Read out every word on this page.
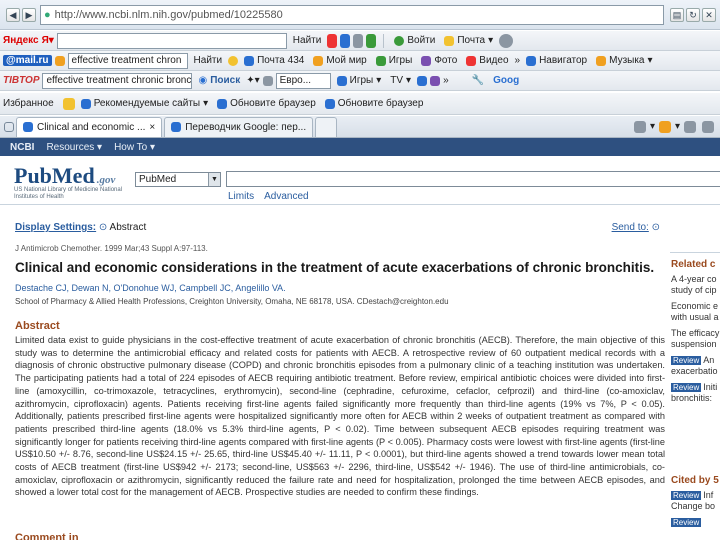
◀	▶	● http://www.ncbi.nlm.nih.gov/pubmed/10225580	▤ ↻ ✕
Яндекс Я▾	Найти	Войти Почта ▾
@mail.ru	effective treatment chron	Найти	Почта 434 Мой мир Игры Фото Видео » Навигатор Музыка ▾
TIBTOP effective treatment chronic bronc ◉ Поиск ✦▾ Евро...	Игры ▾ TV ▾	» 🔧 Goog
Избранное	Рекомендуемые сайты ▾	Обновите браузер Обновите браузер
Clinical and economic ... ×	Переводчик Google: пер...	▾ ▾
NCBI Resources ▾ How To ▾
PubMed .gov
US National Library of Medicine National Institutes of Health
PubMed	▼
Limits Advanced
Display Settings: ⊙ Abstract	Send to: ⊙
J Antimicrob Chemother. 1999 Mar;43 Suppl A:97-113.
Clinical and economic considerations in the treatment of acute exacerbations of chronic bronchitis.
Destache CJ, Dewan N, O'Donohue WJ, Campbell JC, Angelillo VA.
School of Pharmacy & Allied Health Professions, Creighton University, Omaha, NE 68178, USA. CDestach@creighton.edu
Abstract
Limited data exist to guide physicians in the cost-effective treatment of acute exacerbation of chronic bronchitis (AECB). Therefore, the main objective of this study was to determine the antimicrobial efficacy and related costs for patients with AECB. A retrospective review of 60 outpatient medical records with a diagnosis of chronic obstructive pulmonary disease (COPD) and chronic bronchitis episodes from a pulmonary clinic of a teaching institution was undertaken. The participating patients had a total of 224 episodes of AECB requiring antibiotic treatment. Before review, empirical antibiotic choices were divided into first-line (amoxycillin, co-trimoxazole, tetracyclines, erythromycin), second-line (cephradine, cefuroxime, cefaclor, cefprozil) and third-line (co-amoxiclav, azithromycin, ciprofloxacin) agents. Patients receiving first-line agents failed significantly more frequently than third-line agents (19% vs 7%, P < 0.05). Additionally, patients prescribed first-line agents were hospitalized significantly more often for AECB within 2 weeks of outpatient treatment as compared with patients prescribed third-line agents (18.0% vs 5.3% third-line agents, P < 0.02). Time between subsequent AECB episodes requiring treatment was significantly longer for patients receiving third-line agents compared with first-line agents (P < 0.005). Pharmacy costs were lowest with first-line agents (first-line US$10.50 +/- 8.76, second-line US$24.15 +/- 25.65, third-line US$45.40 +/- 11.11, P < 0.0001), but third-line agents showed a trend towards lower mean total costs of AECB treatment (first-line US$942 +/- 2173; second-line, US$563 +/- 2296, third-line, US$542 +/- 1946). The use of third-line antimicrobials, co-amoxiclav, ciprofloxacin or azithromycin, significantly reduced the failure rate and need for hospitalization, prolonged the time between AECB episodes, and showed a lower total cost for the management of AECB. Prospective studies are needed to confirm these findings.
Comment in
Related c
A 4-year co study of cip
Economic e with usual a
The efficacy suspension
Review An exacerbatio
Review Initi bronchitis:
Cited by 5
Review Inf Change bo
Review
